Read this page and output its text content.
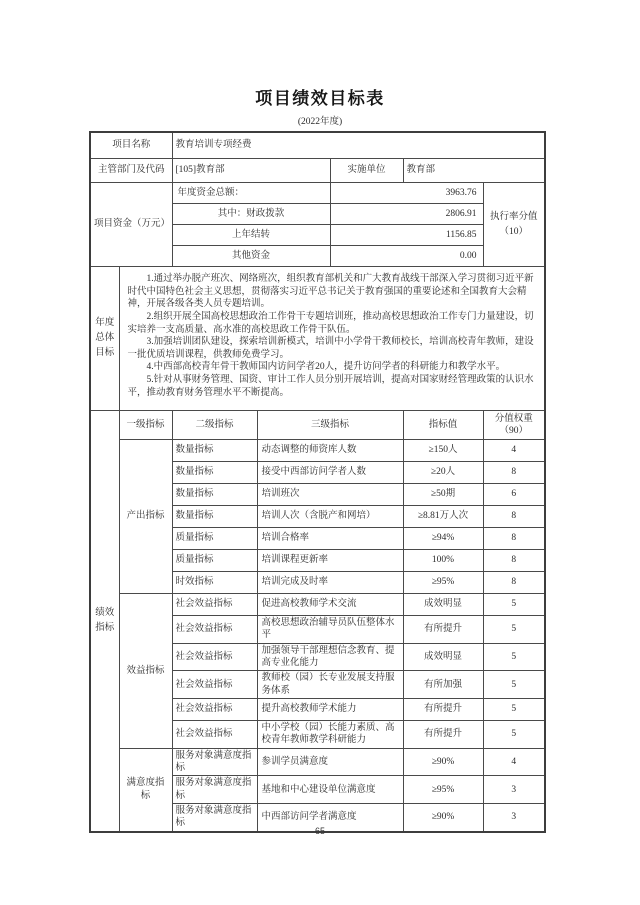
项目绩效目标表
(2022年度)
项目名称		教育培训专项经费				
主管部门及代码		[105]教育部		实施单位	教育部	
项目资金（万元）		年度资金总额：		3963.76		执行率分值
（10）
		其中：财政拨款		2806.91		
		上年结转		1156.85		
		其他资金		0.00		

年度总体目标	1.通过举办脱产班次、网络班次，组织教育部机关和广大教育战线干部深入学习贯彻习近平新时代中国特色社会主义思想，贯彻落实习近平总书记关于教育强国的重要论述和全国教育大会精神，开展各级各类人员专题培训。

2.组织开展全国高校思想政治工作骨干专题培训班，推动高校思想政治工作专门力量建设，切实培养一支高质量、高水准的高校思政工作骨干队伍。

3.加强培训团队建设，探索培训新模式，培训中小学骨干教师校长，培训高校青年教师，建设一批优质培训课程，供教师免费学习。

4.中西部高校青年骨干教师国内访问学者20人，提升访问学者的科研能力和教学水平。

5.针对从事财务管理、国资、审计工作人员分别开展培训，提高对国家财经管理政策的认识水平，推动教育财务管理水平不断提高。					

绩效指标	一级指标	二级指标	三级指标		指标值	分值权重
（90）
	产出指标	数量指标	动态调整的师资库人数		≥150人	4
		数量指标	接受中西部访问学者人数		≥20人	8
		数量指标	培训班次		≥50期	6
		数量指标	培训人次（含脱产和网培）		≥8.81万人次	8
		质量指标	培训合格率		≥94%	8
		质量指标	培训课程更新率		100%	8
		时效指标	培训完成及时率		≥95%	8
	效益指标	社会效益指标	促进高校教师学术交流		成效明显	5
		社会效益指标	高校思想政治辅导员队伍整体水平		有所提升	5
		社会效益指标	加强领导干部理想信念教育、提高专业化能力		成效明显	5
		社会效益指标	教师校（园）长专业发展支持服务体系		有所加强	5
		社会效益指标	提升高校教师学术能力		有所提升	5
		社会效益指标	中小学校（园）长能力素质、高校青年教师教学科研能力		有所提升	5
	满意度指标	服务对象满意度指标	参训学员满意度		≥90%	4
		服务对象满意度指标	基地和中心建设单位满意度		≥95%	3
		服务对象满意度指标	中西部访问学者满意度		≥90%	3
65
